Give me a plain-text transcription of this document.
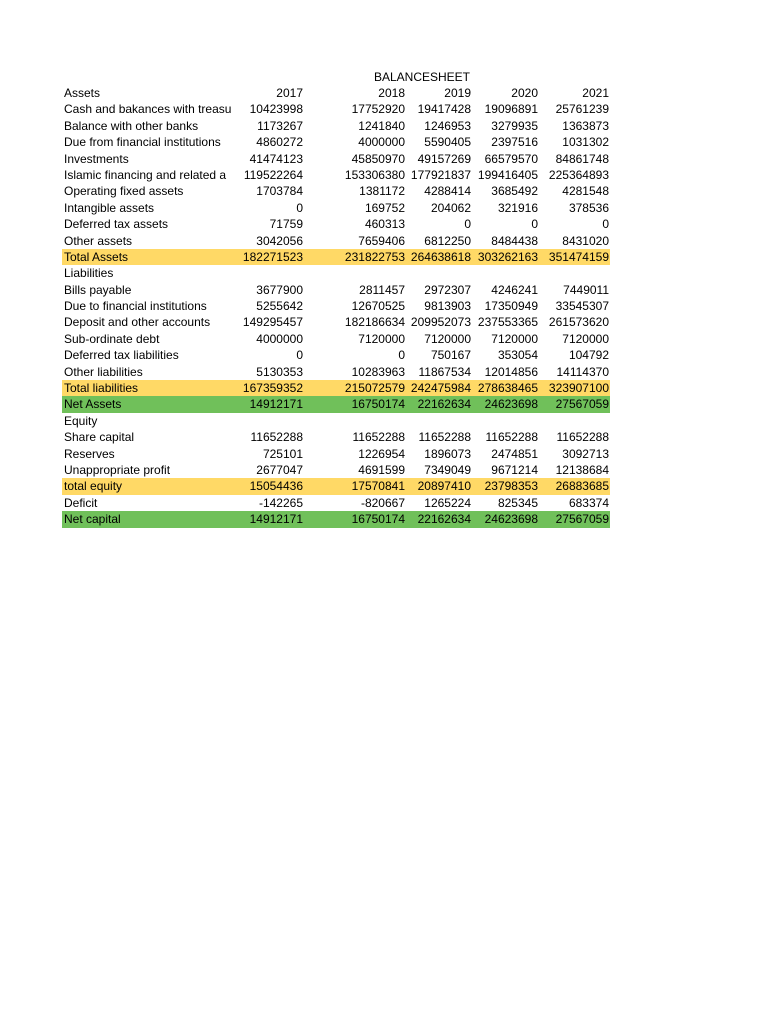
BALANCESHEET
Assets	2017	2018	2019	2020	2021
Cash and bakances with treasu	10423998	17752920	19417428	19096891	25761239
Balance with other banks	1173267	1241840	1246953	3279935	1363873
Due from financial institutions	4860272	4000000	5590405	2397516	1031302
Investments	41474123	45850970	49157269	66579570	84861748
Islamic financing and related a	119522264	153306380 177921837 199416405 225364893
Operating fixed assets	1703784	1381172	4288414	3685492	4281548
Intangible assets	0	169752	204062	321916	378536
Deferred tax assets	71759	460313	0	0	0
Other assets	3042056	7659406	6812250	8484438	8431020
Total Assets	182271523	231822753 264638618 303262163 351474159
Liabilities
Bills payable	3677900	2811457	2972307	4246241	7449011
Due to financial institutions	5255642	12670525	9813903	17350949	33545307
Deposit and other accounts	149295457	182186634 209952073 237553365 261573620
Sub-ordinate debt	4000000	7120000	7120000	7120000	7120000
Deferred tax liabilities	0	0	750167	353054	104792
Other liabilities	5130353	10283963	11867534	12014856	14114370
Total liabilities	167359352	215072579 242475984 278638465 323907100
Net Assets	14912171	16750174	22162634	24623698	27567059
Equity
Share capital	11652288	11652288	11652288	11652288	11652288
Reserves	725101	1226954	1896073	2474851	3092713
Unappropriate profit	2677047	4691599	7349049	9671214	12138684
total equity	15054436	17570841	20897410	23798353	26883685
Deficit	-142265	-820667	1265224	825345	683374
Net capital	14912171	16750174	22162634	24623698	27567059
